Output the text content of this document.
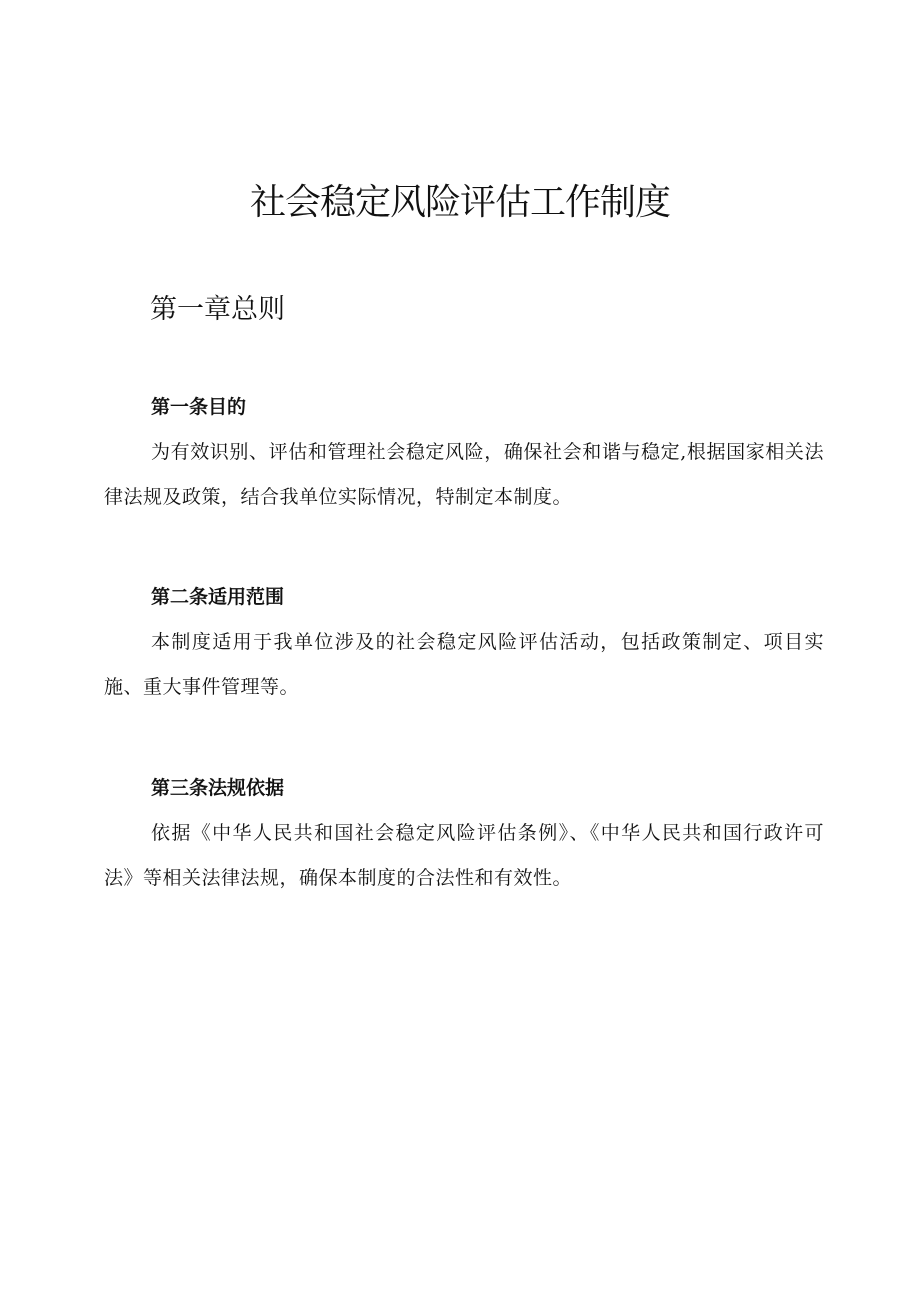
社会稳定风险评估工作制度
第一章总则
第一条目的

为有效识别、评估和管理社会稳定风险，确保社会和谐与稳定,根据国家相关法律法规及政策，结合我单位实际情况，特制定本制度。

第二条适用范围

本制度适用于我单位涉及的社会稳定风险评估活动，包括政策制定、项目实施、重大事件管理等。

第三条法规依据

依据《中华人民共和国社会稳定风险评估条例》、《中华人民共和国行政许可法》等相关法律法规，确保本制度的合法性和有效性。
